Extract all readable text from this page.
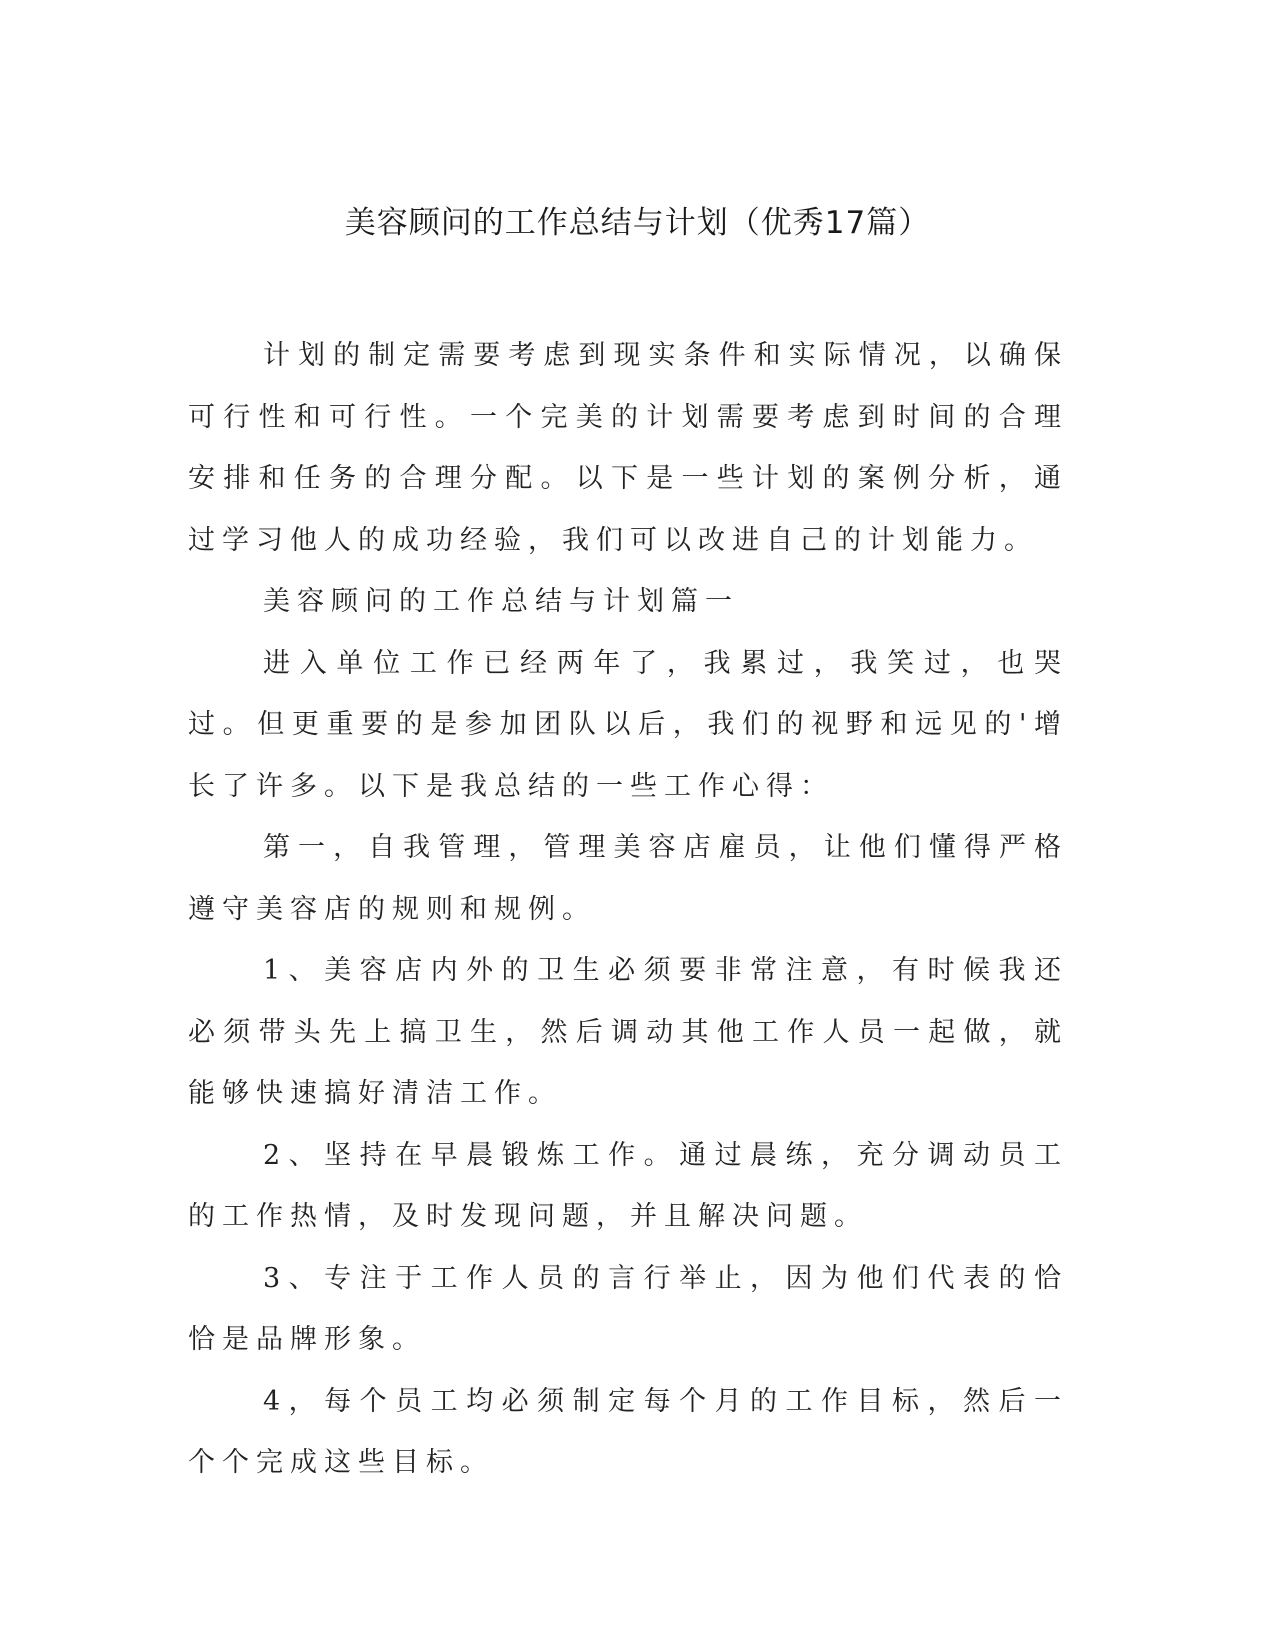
美容顾问的工作总结与计划（优秀17篇）

计划的制定需要考虑到现实条件和实际情况，以确保可行性和可行性。一个完美的计划需要考虑到时间的合理安排和任务的合理分配。以下是一些计划的案例分析，通过学习他人的成功经验，我们可以改进自己的计划能力。

美容顾问的工作总结与计划篇一

进入单位工作已经两年了，我累过，我笑过，也哭过。但更重要的是参加团队以后，我们的视野和远见的'增长了许多。以下是我总结的一些工作心得：

第一，自我管理，管理美容店雇员，让他们懂得严格遵守美容店的规则和规例。

1、美容店内外的卫生必须要非常注意，有时候我还必须带头先上搞卫生，然后调动其他工作人员一起做，就能够快速搞好清洁工作。

2、坚持在早晨锻炼工作。通过晨练，充分调动员工的工作热情，及时发现问题，并且解决问题。

3、专注于工作人员的言行举止，因为他们代表的恰恰是品牌形象。

4，每个员工均必须制定每个月的工作目标，然后一个个完成这些目标。
